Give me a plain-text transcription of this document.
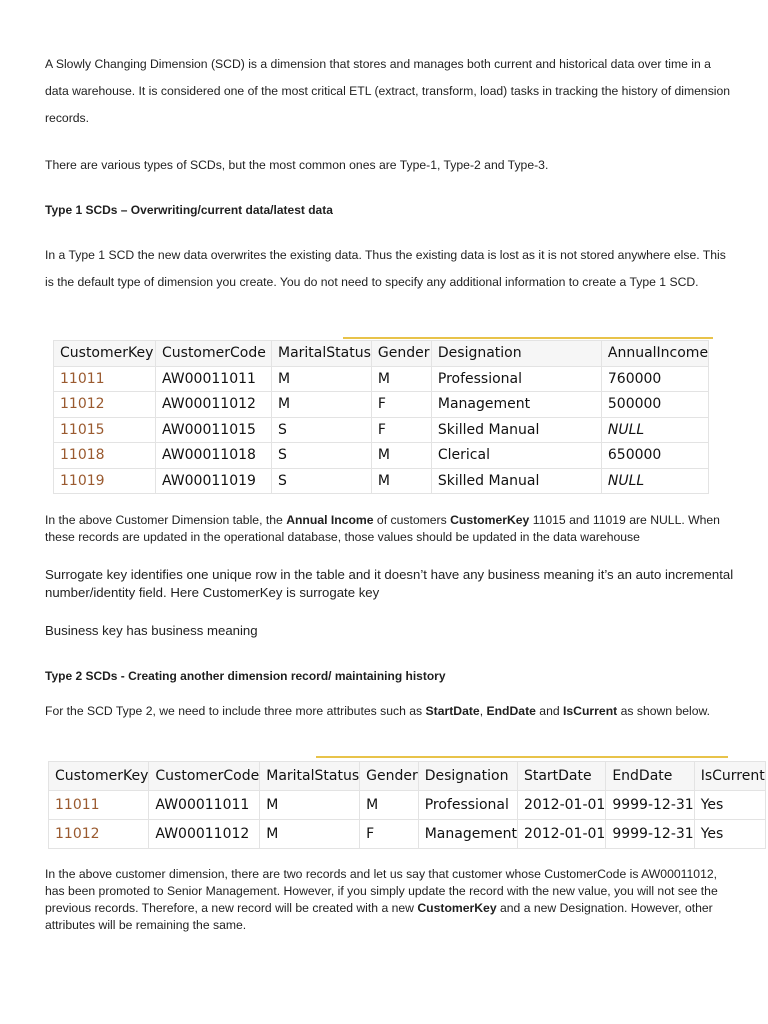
A Slowly Changing Dimension (SCD) is a dimension that stores and manages both current and historical data over time in a data warehouse. It is considered one of the most critical ETL (extract, transform, load) tasks in tracking the history of dimension records.

There are various types of SCDs, but the most common ones are Type-1, Type-2 and Type-3.

Type 1 SCDs – Overwriting/current data/latest data

In a Type 1 SCD the new data overwrites the existing data. Thus the existing data is lost as it is not stored anywhere else. This is the default type of dimension you create. You do not need to specify any additional information to create a Type 1 SCD.

CustomerKey	CustomerCode	MaritalStatus	Gender	Designation	AnnualIncome
11011	AW00011011	M	M	Professional	760000
11012	AW00011012	M	F	Management	500000
11015	AW00011015	S	F	Skilled Manual	NULL
11018	AW00011018	S	M	Clerical	650000
11019	AW00011019	S	M	Skilled Manual	NULL

In the above Customer Dimension table, the Annual Income of customers CustomerKey 11015 and 11019 are NULL. When these records are updated in the operational database, those values should be updated in the data warehouse

Surrogate key identifies one unique row in the table and it doesn’t have any business meaning it’s an auto incremental number/identity field. Here CustomerKey is surrogate key

Business key has business meaning

Type 2 SCDs - Creating another dimension record/ maintaining history

For the SCD Type 2, we need to include three more attributes such as StartDate, EndDate and IsCurrent as shown below.

CustomerKey	CustomerCode	MaritalStatus	Gender	Designation	StartDate	EndDate	IsCurrent
11011	AW00011011	M	M	Professional	2012-01-01	9999-12-31	Yes
11012	AW00011012	M	F	Management	2012-01-01	9999-12-31	Yes

In the above customer dimension, there are two records and let us say that customer whose CustomerCode is AW00011012, has been promoted to Senior Management. However, if you simply update the record with the new value, you will not see the previous records. Therefore, a new record will be created with a new CustomerKey and a new Designation. However, other attributes will be remaining the same.
